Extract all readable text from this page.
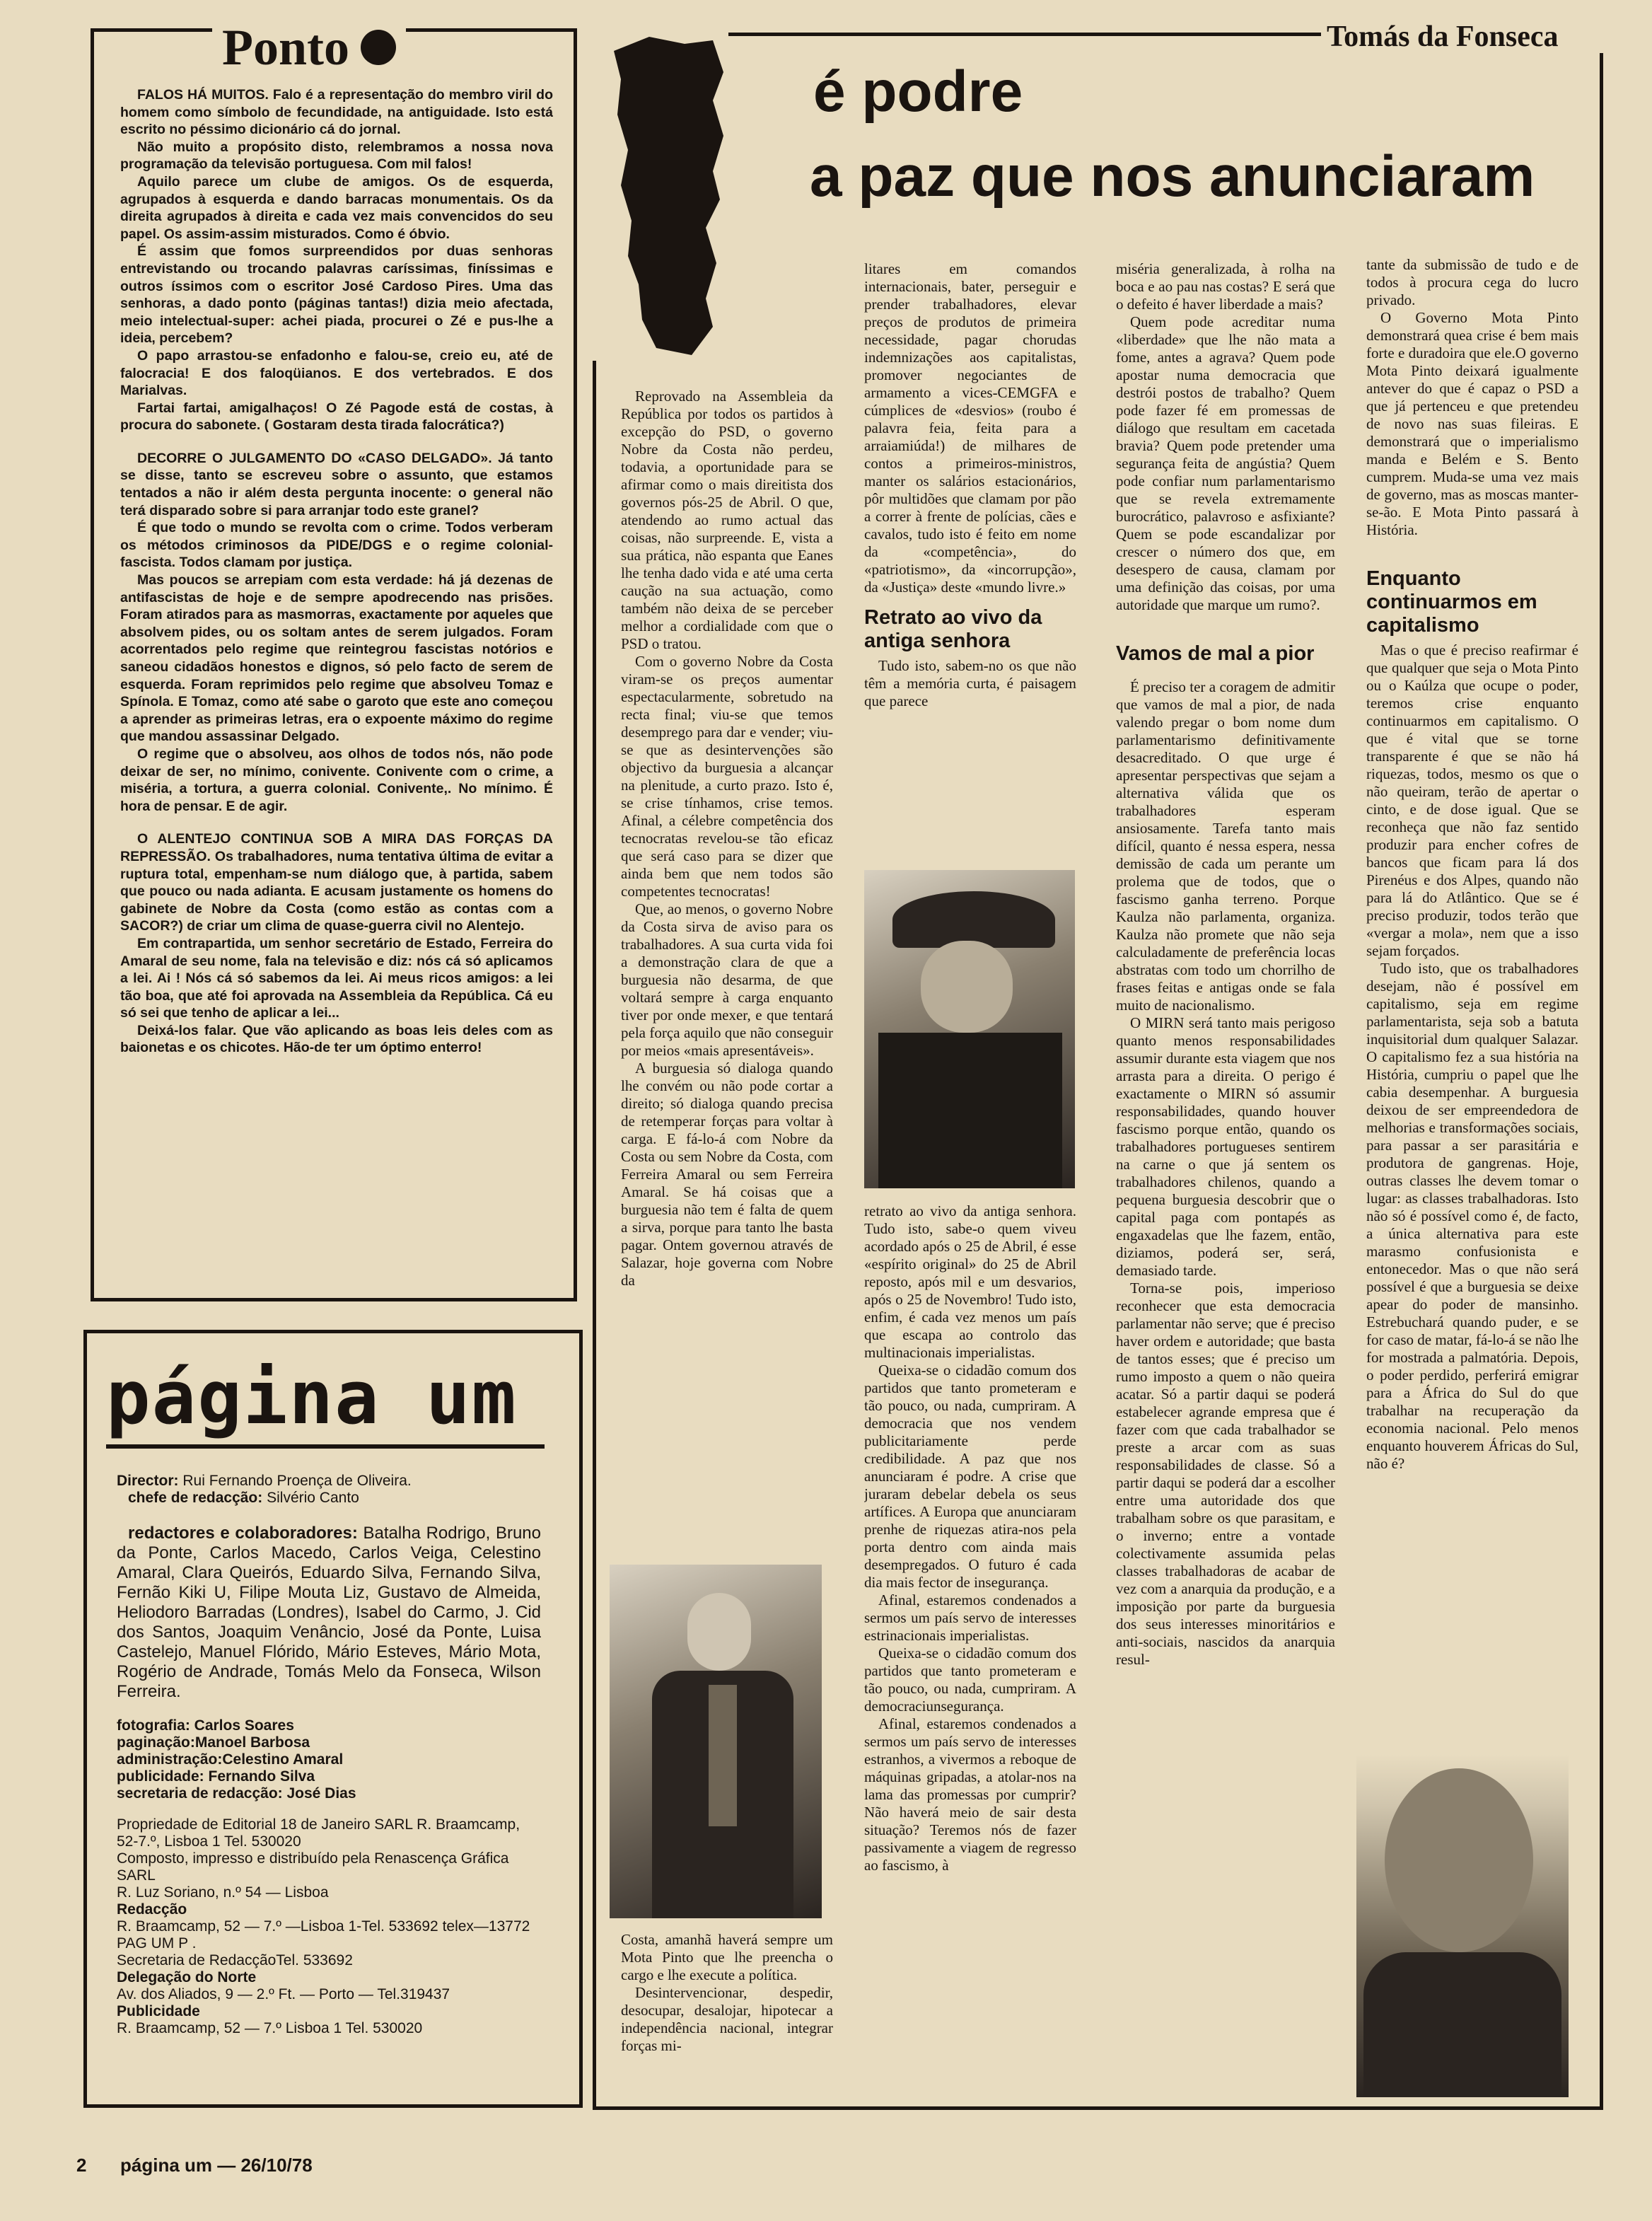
Ponto

FALOS HÁ MUITOS. Falo é a representação do membro viril do homem como símbolo de fecundidade, na antiguidade. Isto está escrito no péssimo dicionário cá do jornal.

Não muito a propósito disto, relembramos a nossa nova programação da televisão portuguesa. Com mil falos!

Aquilo parece um clube de amigos. Os de esquerda, agrupados à esquerda e dando barracas monumentais. Os da direita agrupados à direita e cada vez mais convencidos do seu papel. Os assim-assim misturados. Como é óbvio.

É assim que fomos surpreendidos por duas senhoras entrevistando ou trocando palavras caríssimas, finíssimas e outros íssimos com o escritor José Cardoso Pires. Uma das senhoras, a dado ponto (páginas tantas!) dizia meio afectada, meio intelectual-super: achei piada, procurei o Zé e pus-lhe a ideia, percebem?

O papo arrastou-se enfadonho e falou-se, creio eu, até de falocracia! E dos faloqüianos. E dos vertebrados. E dos Marialvas.

Fartai fartai, amigalhaços! O Zé Pagode está de costas, à procura do sabonete. ( Gostaram desta tirada falocrática?)

DECORRE O JULGAMENTO DO «CASO DELGADO». Já tanto se disse, tanto se escreveu sobre o assunto, que estamos tentados a não ir além desta pergunta inocente: o general não terá disparado sobre si para arranjar todo este granel?

É que todo o mundo se revolta com o crime. Todos verberam os métodos criminosos da PIDE/DGS e o regime colonial-fascista. Todos clamam por justiça.

Mas poucos se arrepiam com esta verdade: há já dezenas de antifascistas de hoje e de sempre apodrecendo nas prisões. Foram atirados para as masmorras, exactamente por aqueles que absolvem pides, ou os soltam antes de serem julgados. Foram acorrentados pelo regime que reintegrou fascistas notórios e saneou cidadãos honestos e dignos, só pelo facto de serem de esquerda. Foram reprimidos pelo regime que absolveu Tomaz e Spínola. E Tomaz, como até sabe o garoto que este ano começou a aprender as primeiras letras, era o expoente máximo do regime que mandou assassinar Delgado.

O regime que o absolveu, aos olhos de todos nós, não pode deixar de ser, no mínimo, conivente. Conivente com o crime, a miséria, a tortura, a guerra colonial. Conivente,. No mínimo. É hora de pensar. E de agir.

O ALENTEJO CONTINUA SOB A MIRA DAS FORÇAS DA REPRESSÃO. Os trabalhadores, numa tentativa última de evitar a ruptura total, empenham-se num diálogo que, à partida, sabem que pouco ou nada adianta. E acusam justamente os homens do gabinete de Nobre da Costa (como estão as contas com a SACOR?) de criar um clima de quase-guerra civil no Alentejo.

Em contrapartida, um senhor secretário de Estado, Ferreira do Amaral de seu nome, fala na televisão e diz: nós cá só aplicamos a lei. Ai ! Nós cá só sabemos da lei. Ai meus ricos amigos: a lei tão boa, que até foi aprovada na Assembleia da República. Cá eu só sei que tenho de aplicar a lei...

Deixá-los falar. Que vão aplicando as boas leis deles com as baionetas e os chicotes. Hão-de ter um óptimo enterro!

página um
Director: Rui Fernando Proença de Oliveira.
chefe de redacção: Silvério Canto
redactores e colaboradores: Batalha Rodrigo, Bruno da Ponte, Carlos Macedo, Carlos Veiga, Celestino Amaral, Clara Queirós, Eduardo Silva, Fernando Silva, Fernão Kiki U, Filipe Mouta Liz, Gustavo de Almeida, Heliodoro Barradas (Londres), Isabel do Carmo, J. Cid dos Santos, Joaquim Venâncio, José da Ponte, Luisa Castelejo, Manuel Flórido, Mário Esteves, Mário Mota, Rogério de Andrade, Tomás Melo da Fonseca, Wilson Ferreira.
fotografia: Carlos Soares
paginação:Manoel Barbosa
administração:Celestino Amaral
publicidade: Fernando Silva
secretaria de redacção: José Dias
Propriedade de Editorial 18 de Janeiro SARL R. Braamcamp, 52-7.º, Lisboa 1 Tel. 530020
Composto, impresso e distribuído pela Renascença Gráfica SARL
R. Luz Soriano, n.º 54 — Lisboa
Redacção
R. Braamcamp, 52 — 7.º —Lisboa 1-Tel. 533692 telex—13772 PAG UM P .
Secretaria de RedacçãoTel. 533692
Delegação do Norte
Av. dos Aliados, 9 — 2.º Ft. — Porto — Tel.319437
Publicidade
R. Braamcamp, 52 — 7.º Lisboa 1 Tel. 530020
2 página um — 26/10/78
Tomás da Fonseca
é podre
a paz que nos anunciaram

Reprovado na Assembleia da República por todos os partidos à excepção do PSD, o governo Nobre da Costa não perdeu, todavia, a oportunidade para se afirmar como o mais direitista dos governos pós-25 de Abril. O que, atendendo ao rumo actual das coisas, não surpreende. E, vista a sua prática, não espanta que Eanes lhe tenha dado vida e até uma certa caução na sua actuação, como também não deixa de se perceber melhor a cordialidade com que o PSD o tratou.

Com o governo Nobre da Costa viram-se os preços aumentar espectacularmente, sobretudo na recta final; viu-se que temos desemprego para dar e vender; viu-se que as desintervenções são objectivo da burguesia a alcançar na plenitude, a curto prazo. Isto é, se crise tínhamos, crise temos. Afinal, a célebre competência dos tecnocratas revelou-se tão eficaz que será caso para se dizer que ainda bem que nem todos são competentes tecnocratas!

Que, ao menos, o governo Nobre da Costa sirva de aviso para os trabalhadores. A sua curta vida foi a demonstração clara de que a burguesia não desarma, de que voltará sempre à carga enquanto tiver por onde mexer, e que tentará pela força aquilo que não conseguir por meios «mais apresentáveis».

A burguesia só dialoga quando lhe convém ou não pode cortar a direito; só dialoga quando precisa de retemperar forças para voltar à carga. E fá-lo-á com Nobre da Costa ou sem Nobre da Costa, com Ferreira Amaral ou sem Ferreira Amaral. Se há coisas que a burguesia não tem é falta de quem a sirva, porque para tanto lhe basta pagar. Ontem governou através de Salazar, hoje governa com Nobre da

Costa, amanhã haverá sempre um Mota Pinto que lhe preencha o cargo e lhe execute a política.

Desintervencionar, despedir, desocupar, desalojar, hipotecar a independência nacional, integrar forças mi-

litares em comandos internacionais, bater, perseguir e prender trabalhadores, elevar preços de produtos de primeira necessidade, pagar chorudas indemnizações aos capitalistas, promover negociantes de armamento a vices-CEMGFA e cúmplices de «desvios» (roubo é palavra feia, feita para a arraiamiúda!) de milhares de contos a primeiros-ministros, manter os salários estacionários, pôr multidões que clamam por pão a correr à frente de polícias, cães e cavalos, tudo isto é feito em nome da «competência», do «patriotismo», da «incorrupção», da «Justiça» deste «mundo livre.»

Retrato ao vivo da antiga senhora

Tudo isto, sabem-no os que não têm a memória curta, é paisagem que parece

retrato ao vivo da antiga senhora. Tudo isto, sabe-o quem viveu acordado após o 25 de Abril, é esse «espírito original» do 25 de Abril reposto, após mil e um desvarios, após o 25 de Novembro! Tudo isto, enfim, é cada vez menos um país que escapa ao controlo das multinacionais imperialistas.

Queixa-se o cidadão comum dos partidos que tanto prometeram e tão pouco, ou nada, cumpriram. A democracia que nos vendem publicitariamente perde credibilidade. A paz que nos anunciaram é podre. A crise que juraram debelar debela os seus artífices. A Europa que anunciaram prenhe de riquezas atira-nos pela porta dentro com ainda mais desempregados. O futuro é cada dia mais fector de insegurança.

Afinal, estaremos condenados a sermos um país servo de interesses estrinacionais imperialistas.

Queixa-se o cidadão comum dos partidos que tanto prometeram e tão pouco, ou nada, cumpriram. A democraciunsegurança.

Afinal, estaremos condenados a sermos um país servo de interesses estranhos, a vivermos a reboque de máquinas gripadas, a atolar-nos na lama das promessas por cumprir? Não haverá meio de sair desta situação? Teremos nós de fazer passivamente a viagem de regresso ao fascismo, à

miséria generalizada, à rolha na boca e ao pau nas costas? E será que o defeito é haver liberdade a mais?

Quem pode acreditar numa «liberdade» que lhe não mata a fome, antes a agrava? Quem pode apostar numa democracia que destrói postos de trabalho? Quem pode fazer fé em promessas de diálogo que resultam em cacetada bravia? Quem pode pretender uma segurança feita de angústia? Quem pode confiar num parlamentarismo que se revela extremamente burocrático, palavroso e asfixiante? Quem se pode escandalizar por crescer o número dos que, em desespero de causa, clamam por uma definição das coisas, por uma autoridade que marque um rumo?.

Vamos de mal a pior

É preciso ter a coragem de admitir que vamos de mal a pior, de nada valendo pregar o bom nome dum parlamentarismo definitivamente desacreditado. O que urge é apresentar perspectivas que sejam a alternativa válida que os trabalhadores esperam ansiosamente. Tarefa tanto mais difícil, quanto é nessa espera, nessa demissão de cada um perante um prolema que de todos, que o fascismo ganha terreno. Porque Kaulza não parlamenta, organiza. Kaulza não promete que não seja calculadamente de preferência locas abstratas com todo um chorrilho de frases feitas e antigas onde se fala muito de nacionalismo.

O MIRN será tanto mais perigoso quanto menos responsabilidades assumir durante esta viagem que nos arrasta para a direita. O perigo é exactamente o MIRN só assumir responsabilidades, quando houver fascismo porque então, quando os trabalhadores portugueses sentirem na carne o que já sentem os trabalhadores chilenos, quando a pequena burguesia descobrir que o capital paga com pontapés as engaxadelas que lhe fazem, então, diziamos, poderá ser, será, demasiado tarde.

Torna-se pois, imperioso reconhecer que esta democracia parlamentar não serve; que é preciso haver ordem e autoridade; que basta de tantos esses; que é preciso um rumo imposto a quem o não queira acatar. Só a partir daqui se poderá estabelecer agrande empresa que é fazer com que cada trabalhador se preste a arcar com as suas responsabilidades de classe. Só a partir daqui se poderá dar a escolher entre uma autoridade dos que trabalham sobre os que parasitam, e o inverno; entre a vontade colectivamente assumida pelas classes trabalhadoras de acabar de vez com a anarquia da produção, e a imposição por parte da burguesia dos seus interesses minoritários e anti-sociais, nascidos da anarquia resul-

tante da submissão de tudo e de todos à procura cega do lucro privado.

O Governo Mota Pinto demonstrará quea crise é bem mais forte e duradoira que ele.O governo Mota Pinto deixará igualmente antever do que é capaz o PSD a que já pertenceu e que pretendeu de novo nas suas fileiras. E demonstrará que o imperialismo manda e Belém e S. Bento cumprem. Muda-se uma vez mais de governo, mas as moscas manter-se-ão. E Mota Pinto passará à História.

Enquanto continuarmos em capitalismo

Mas o que é preciso reafirmar é que qualquer que seja o Mota Pinto ou o Kaúlza que ocupe o poder, teremos crise enquanto continuarmos em capitalismo. O que é vital que se torne transparente é que se não há riquezas, todos, mesmo os que o não queiram, terão de apertar o cinto, e de dose igual. Que se reconheça que não faz sentido produzir para encher cofres de bancos que ficam para lá dos Pirenéus e dos Alpes, quando não para lá do Atlântico. Que se é preciso produzir, todos terão que «vergar a mola», nem que a isso sejam forçados.

Tudo isto, que os trabalhadores desejam, não é possível em capitalismo, seja em regime parlamentarista, seja sob a batuta inquisitorial dum qualquer Salazar. O capitalismo fez a sua história na História, cumpriu o papel que lhe cabia desempenhar. A burguesia deixou de ser empreendedora de melhorias e transformações sociais, para passar a ser parasitária e produtora de gangrenas. Hoje, outras classes lhe devem tomar o lugar: as classes trabalhadoras. Isto não só é possível como é, de facto, a única alternativa para este marasmo confusionista e entonecedor. Mas o que não será possível é que a burguesia se deixe apear do poder de mansinho. Estrebuchará quando puder, e se for caso de matar, fá-lo-á se não lhe for mostrada a palmatória. Depois, o poder perdido, perferirá emigrar para a África do Sul do que trabalhar na recuperação da economia nacional. Pelo menos enquanto houverem Áfricas do Sul, não é?
